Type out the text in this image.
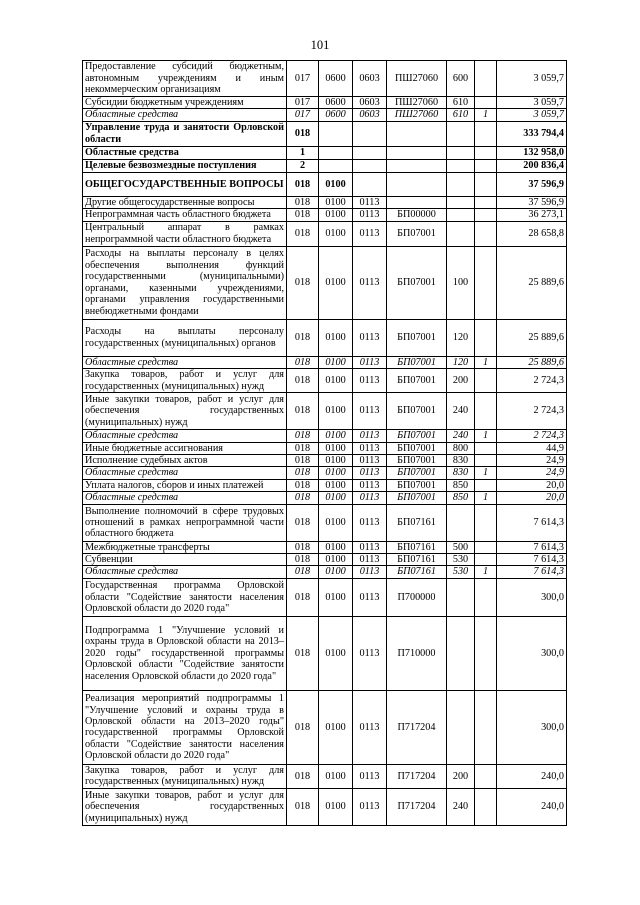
101
Предоставление субсидий бюджетным, автономным учреждениям и иным некоммерческим организациям	017	0600	0603	ПШ27060	600		3 059,7
Субсидии бюджетным учреждениям	017	0600	0603	ПШ27060	610		3 059,7
Областные средства	017	0600	0603	ПШ27060	610	1	3 059,7
Управление труда и занятости Орловской области	018						333 794,4
Областные средства	1						132 958,0
Целевые безвозмездные поступления	2						200 836,4
ОБЩЕГОСУДАРСТВЕННЫЕ ВОПРОСЫ	018	0100					37 596,9
Другие общегосударственные вопросы	018	0100	0113				37 596,9
Непрограммная часть областного бюджета	018	0100	0113	БП00000			36 273,1
Центральный аппарат в рамках непрограммной части областного бюджета	018	0100	0113	БП07001			28 658,8
Расходы на выплаты персоналу в целях обеспечения выполнения функций государственными (муниципальными) органами, казенными учреждениями, органами управления государственными внебюджетными фондами	018	0100	0113	БП07001	100		25 889,6
Расходы на выплаты персоналу государственных (муниципальных) органов	018	0100	0113	БП07001	120		25 889,6
Областные средства	018	0100	0113	БП07001	120	1	25 889,6
Закупка товаров, работ и услуг для государственных (муниципальных) нужд	018	0100	0113	БП07001	200		2 724,3
Иные закупки товаров, работ и услуг для обеспечения государственных (муниципальных) нужд	018	0100	0113	БП07001	240		2 724,3
Областные средства	018	0100	0113	БП07001	240	1	2 724,3
Иные бюджетные ассигнования	018	0100	0113	БП07001	800		44,9
Исполнение судебных актов	018	0100	0113	БП07001	830		24,9
Областные средства	018	0100	0113	БП07001	830	1	24,9
Уплата налогов, сборов и иных платежей	018	0100	0113	БП07001	850		20,0
Областные средства	018	0100	0113	БП07001	850	1	20,0
Выполнение полномочий в сфере трудовых отношений в рамках непрограммной части областного бюджета	018	0100	0113	БП07161			7 614,3
Межбюджетные трансферты	018	0100	0113	БП07161	500		7 614,3
Субвенции	018	0100	0113	БП07161	530		7 614,3
Областные средства	018	0100	0113	БП07161	530	1	7 614,3
Государственная программа Орловской области "Содействие занятости населения Орловской области до 2020 года"	018	0100	0113	П700000			300,0
Подпрограмма 1 "Улучшение условий и охраны труда в Орловской области на 2013–2020 годы" государственной программы Орловской области "Содействие занятости населения Орловской области до 2020 года"	018	0100	0113	П710000			300,0
Реализация мероприятий подпрограммы 1 "Улучшение условий и охраны труда в Орловской области на 2013–2020 годы" государственной программы Орловской области "Содействие занятости населения Орловской области до 2020 года"	018	0100	0113	П717204			300,0
Закупка товаров, работ и услуг для государственных (муниципальных) нужд	018	0100	0113	П717204	200		240,0
Иные закупки товаров, работ и услуг для обеспечения государственных (муниципальных) нужд	018	0100	0113	П717204	240		240,0
